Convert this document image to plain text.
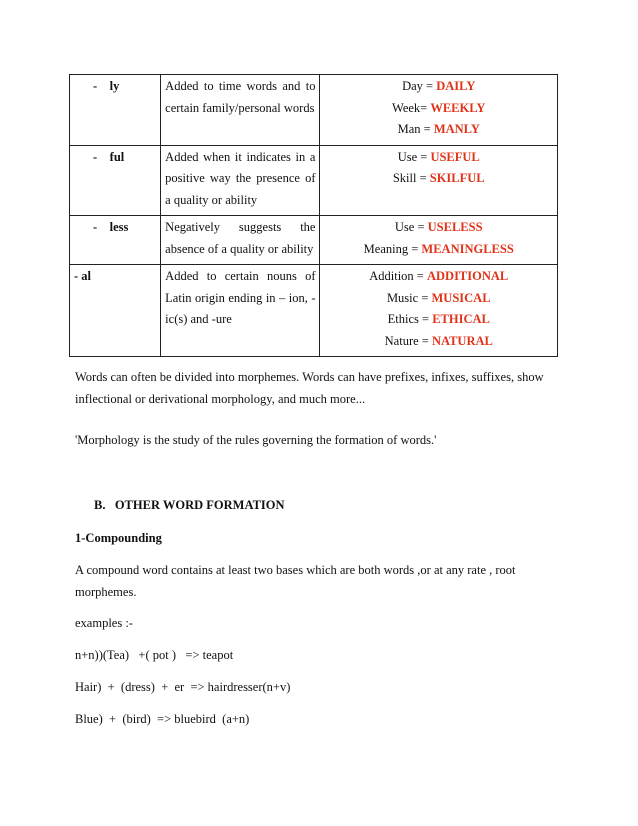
-    ly	Added to time words and to certain family/personal words	Day = DAILY
Week= WEEKLY
Man = MANLY

-    ful	Added when it indicates in a positive way the presence of a quality or ability	Use = USEFUL
Skill = SKILFUL

-    less	Negatively suggests the absence of a quality or ability	Use = USELESS
Meaning = MEANINGLESS

- al	Added to certain nouns of Latin origin ending in – ion, -ic(s) and -ure	Addition = ADDITIONAL
Music = MUSICAL
Ethics = ETHICAL
Nature = NATURAL
Words can often be divided into morphemes. Words can have prefixes, infixes, suffixes, show inflectional or derivational morphology, and much more...
'Morphology is the study of the rules governing the formation of words.'
B.   OTHER WORD FORMATION
1-Compounding
A compound word contains at least two bases which are both words ,or at any rate , root morphemes.
examples :-
n+n))(Tea)   +( pot )   => teapot
Hair)  +  (dress)  +  er  => hairdresser(n+v)
Blue)  +  (bird)  => bluebird  (a+n)
